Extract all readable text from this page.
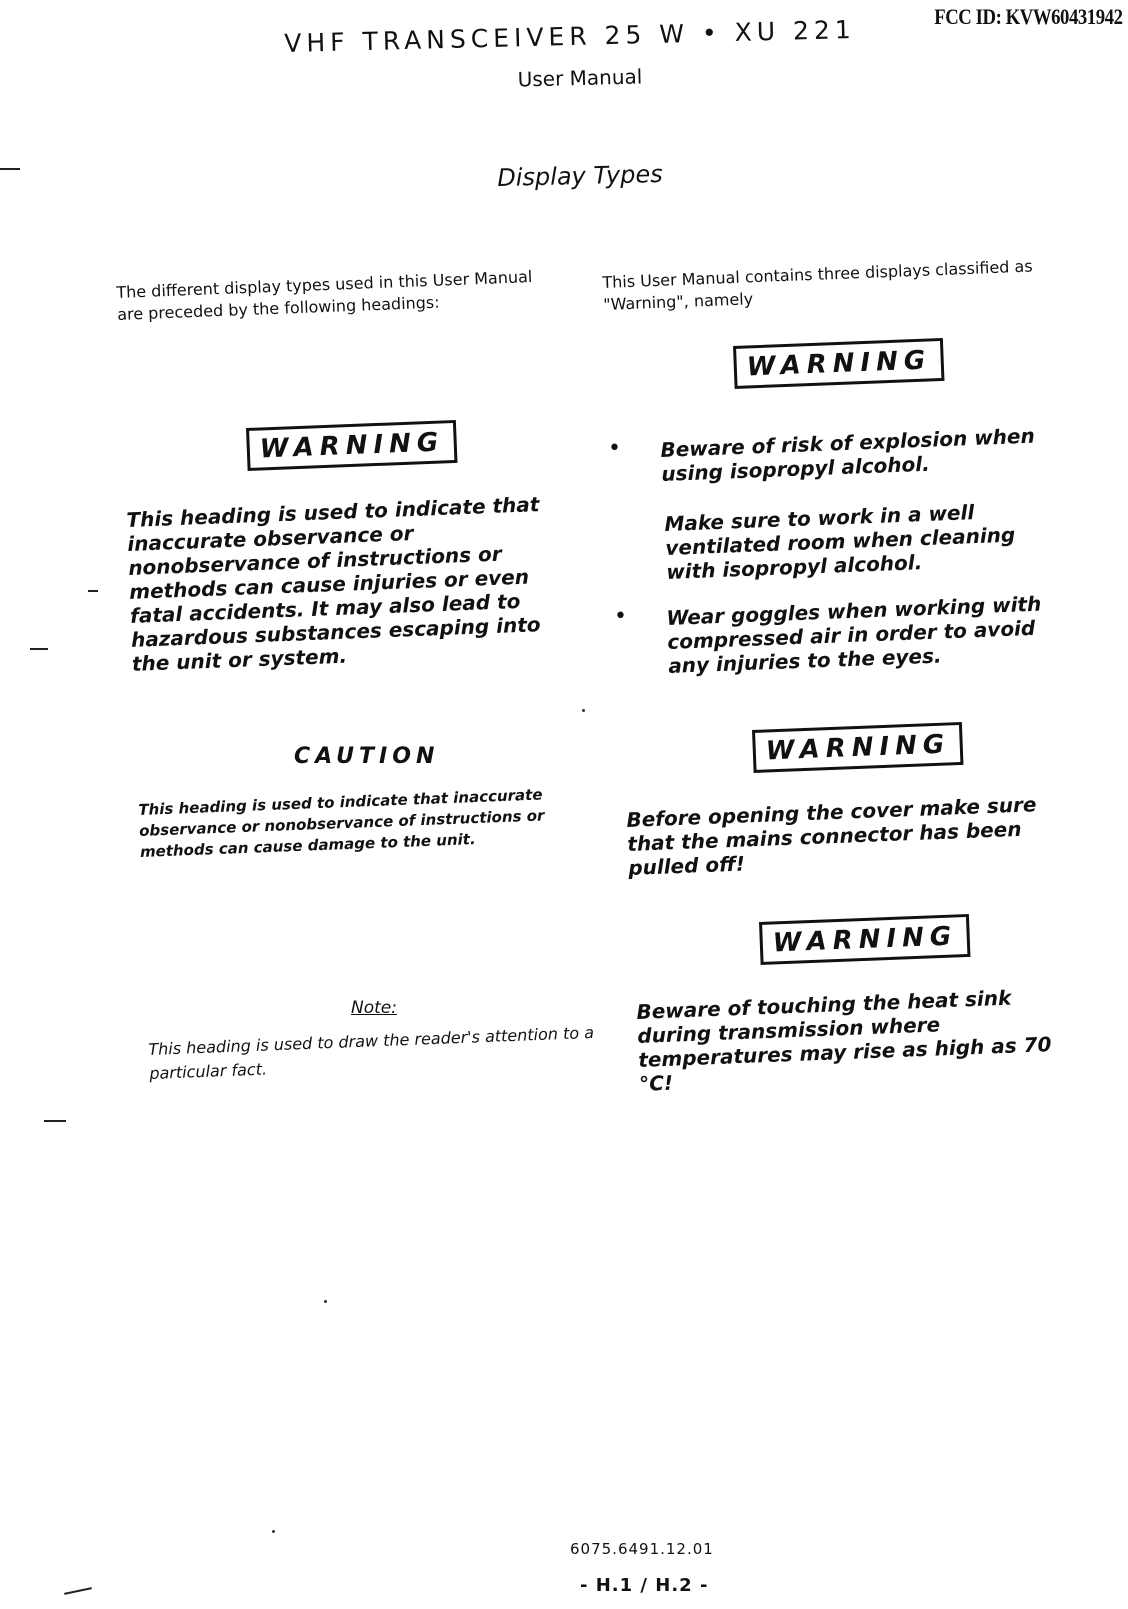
FCC ID: KVW60431942
VHF TRANSCEIVER 25 W • XU 221
User Manual
Display Types
The different display types used in this User Manual are preceded by the following headings:
WARNING
This heading is used to indicate that inaccurate observance or nonobservance of instructions or methods can cause injuries or even fatal accidents. It may also lead to hazardous substances escaping into the unit or system.
CAUTION
This heading is used to indicate that inaccurate observance or nonobservance of instructions or methods can cause damage to the unit.
Note:
This heading is used to draw the reader's attention to a particular fact.
This User Manual contains three displays classified as "Warning", namely
WARNING
• Beware of risk of explosion when using isopropyl alcohol.
Make sure to work in a well ventilated room when cleaning with isopropyl alcohol.
• Wear goggles when working with compressed air in order to avoid any injuries to the eyes.
WARNING
Before opening the cover make sure that the mains connector has been pulled off!
WARNING
Beware of touching the heat sink during transmission where temperatures may rise as high as 70 °C!
6075.6491.12.01
- H.1 / H.2 -
